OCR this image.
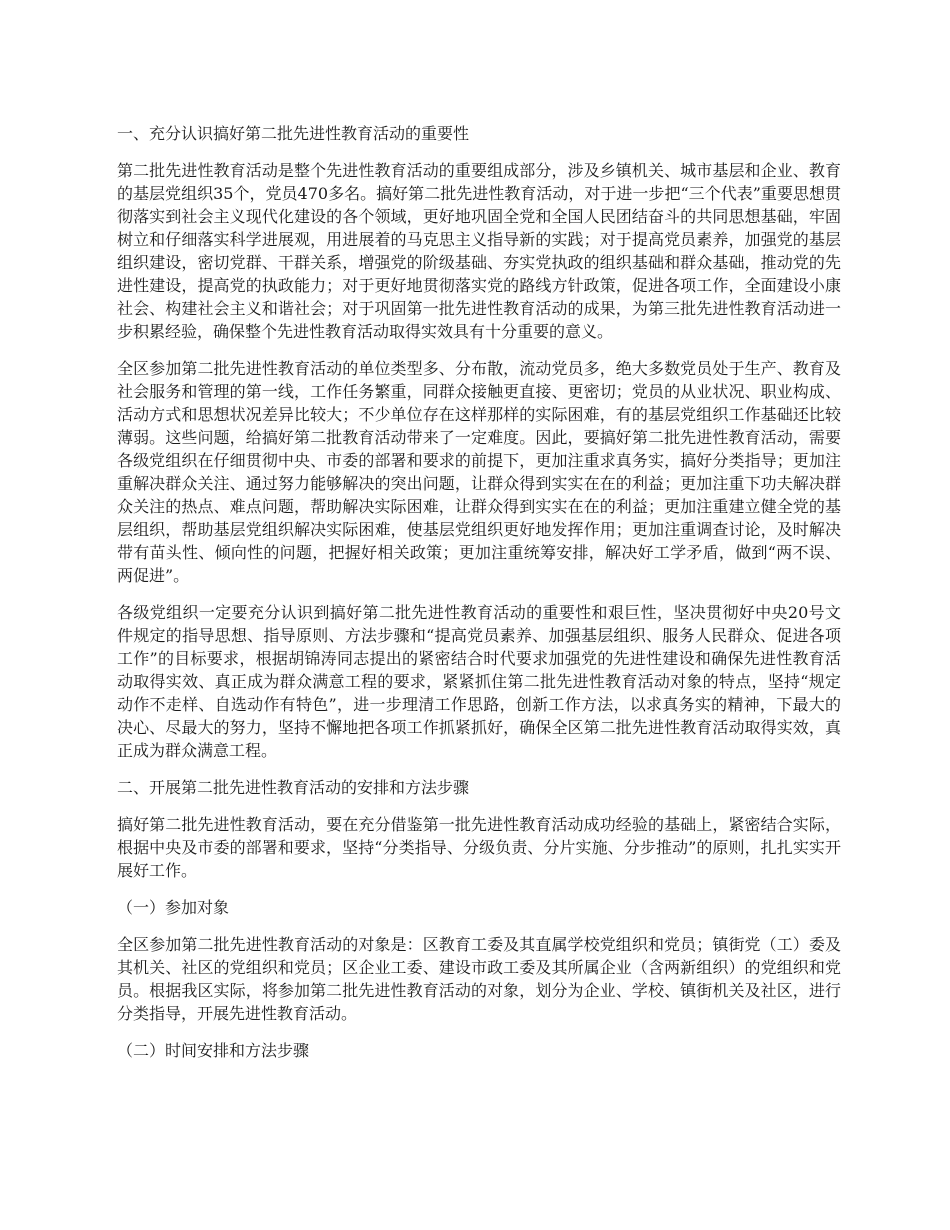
一、充分认识搞好第二批先进性教育活动的重要性

第二批先进性教育活动是整个先进性教育活动的重要组成部分，涉及乡镇机关、城市基层和企业、教育的基层党组织35个，党员470多名。搞好第二批先进性教育活动，对于进一步把“三个代表”重要思想贯彻落实到社会主义现代化建设的各个领域，更好地巩固全党和全国人民团结奋斗的共同思想基础，牢固树立和仔细落实科学进展观，用进展着的马克思主义指导新的实践；对于提高党员素养，加强党的基层组织建设，密切党群、干群关系，增强党的阶级基础、夯实党执政的组织基础和群众基础，推动党的先进性建设，提高党的执政能力；对于更好地贯彻落实党的路线方针政策，促进各项工作，全面建设小康社会、构建社会主义和谐社会；对于巩固第一批先进性教育活动的成果，为第三批先进性教育活动进一步积累经验，确保整个先进性教育活动取得实效具有十分重要的意义。

全区参加第二批先进性教育活动的单位类型多、分布散，流动党员多，绝大多数党员处于生产、教育及社会服务和管理的第一线，工作任务繁重，同群众接触更直接、更密切；党员的从业状况、职业构成、活动方式和思想状况差异比较大；不少单位存在这样那样的实际困难，有的基层党组织工作基础还比较薄弱。这些问题，给搞好第二批教育活动带来了一定难度。因此，要搞好第二批先进性教育活动，需要各级党组织在仔细贯彻中央、市委的部署和要求的前提下，更加注重求真务实，搞好分类指导；更加注重解决群众关注、通过努力能够解决的突出问题，让群众得到实实在在的利益；更加注重下功夫解决群众关注的热点、难点问题，帮助解决实际困难，让群众得到实实在在的利益；更加注重建立健全党的基层组织，帮助基层党组织解决实际困难，使基层党组织更好地发挥作用；更加注重调查讨论，及时解决带有苗头性、倾向性的问题，把握好相关政策；更加注重统筹安排，解决好工学矛盾，做到“两不误、两促进”。

各级党组织一定要充分认识到搞好第二批先进性教育活动的重要性和艰巨性，坚决贯彻好中央20号文件规定的指导思想、指导原则、方法步骤和“提高党员素养、加强基层组织、服务人民群众、促进各项工作”的目标要求，根据胡锦涛同志提出的紧密结合时代要求加强党的先进性建设和确保先进性教育活动取得实效、真正成为群众满意工程的要求，紧紧抓住第二批先进性教育活动对象的特点，坚持“规定动作不走样、自选动作有特色”，进一步理清工作思路，创新工作方法，以求真务实的精神，下最大的决心、尽最大的努力，坚持不懈地把各项工作抓紧抓好，确保全区第二批先进性教育活动取得实效，真正成为群众满意工程。

二、开展第二批先进性教育活动的安排和方法步骤

搞好第二批先进性教育活动，要在充分借鉴第一批先进性教育活动成功经验的基础上，紧密结合实际，根据中央及市委的部署和要求，坚持“分类指导、分级负责、分片实施、分步推动”的原则，扎扎实实开展好工作。

（一）参加对象

全区参加第二批先进性教育活动的对象是：区教育工委及其直属学校党组织和党员；镇街党（工）委及其机关、社区的党组织和党员；区企业工委、建设市政工委及其所属企业（含两新组织）的党组织和党员。根据我区实际，将参加第二批先进性教育活动的对象，划分为企业、学校、镇街机关及社区，进行分类指导，开展先进性教育活动。

（二）时间安排和方法步骤
